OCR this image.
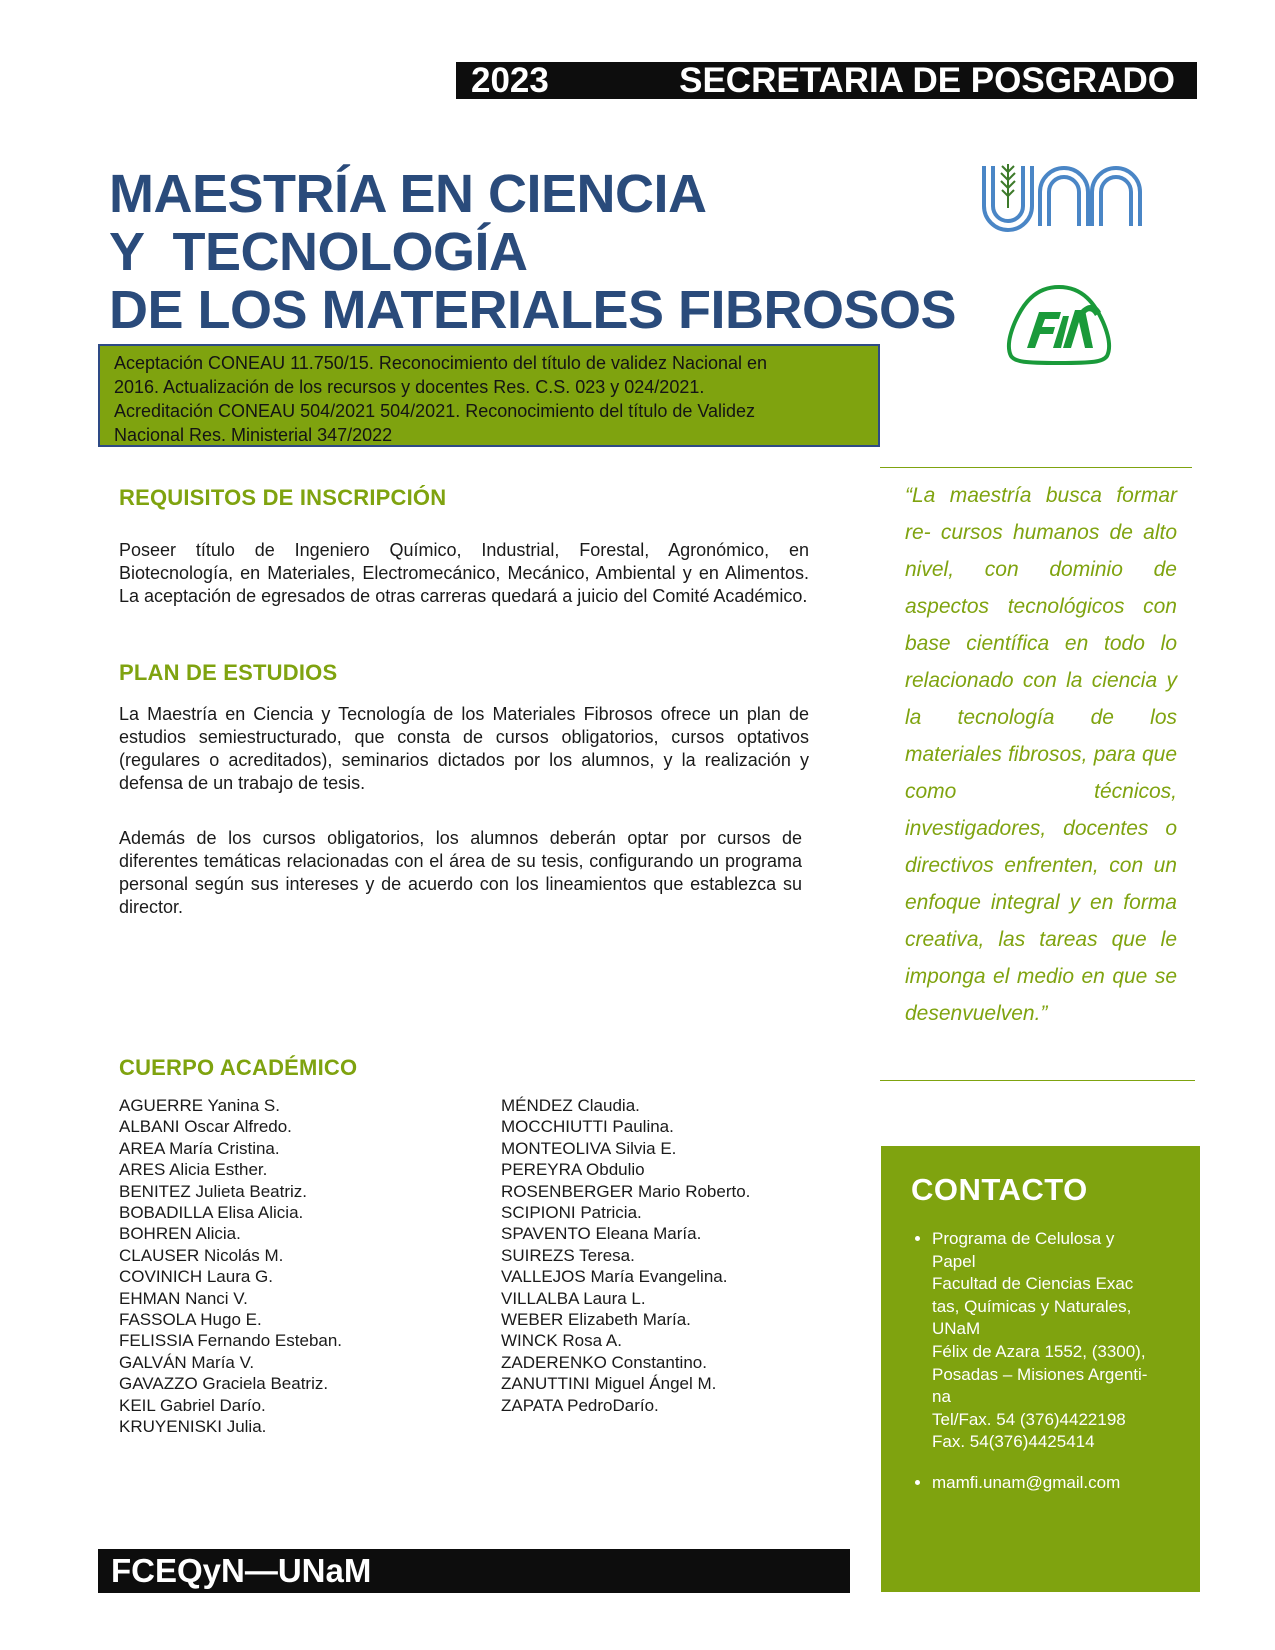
2023	SECRETARIA DE POSGRADO
MAESTRÍA EN CIENCIA
Y  TECNOLOGÍA
DE LOS MATERIALES FIBROSOS

Aceptación CONEAU 11.750/15. Reconocimiento del título de validez Nacional en

2016. Actualización de los recursos y docentes Res. C.S. 023 y 024/2021.

Acreditación CONEAU 504/2021 504/2021. Reconocimiento del título de Validez

Nacional Res. Ministerial 347/2022

REQUISITOS DE INSCRIPCIÓN

Poseer título de Ingeniero Químico, Industrial, Forestal, Agronómico, en Biotecnología, en Materiales, Electromecánico, Mecánico, Ambiental y en Alimentos. La aceptación de egresados de otras carreras quedará a juicio del Comité Académico.

PLAN DE ESTUDIOS

La Maestría en Ciencia y Tecnología de los Materiales Fibrosos ofrece un plan de estudios semiestructurado, que consta de cursos obligatorios, cursos optativos (regulares o acreditados), seminarios dictados por los alumnos, y la realización y defensa de un trabajo de tesis.

Además de los cursos obligatorios, los alumnos deberán optar por cursos de diferentes temáticas relacionadas con el área de su tesis, configurando un programa personal según sus intereses y de acuerdo con los lineamientos que establezca su director.

“La maestría busca formar re- cursos humanos de alto nivel, con dominio de aspectos tecnológicos con base científica en todo lo relacionado con la ciencia y la tecnología de los materiales fibrosos, para que como técnicos, investigadores, docentes o directivos enfrenten, con un enfoque integral y en forma creativa, las tareas que le imponga el medio en que se desenvuelven.”

CUERPO ACADÉMICO
AGUERRE Yanina S.
ALBANI Oscar Alfredo.
AREA María Cristina.
ARES Alicia Esther.
BENITEZ Julieta Beatriz.
BOBADILLA Elisa Alicia.
BOHREN Alicia.
CLAUSER Nicolás M.
COVINICH Laura G.
EHMAN Nanci V.
FASSOLA Hugo E.
FELISSIA Fernando Esteban.
GALVÁN María V.
GAVAZZO Graciela Beatriz.
KEIL Gabriel Darío.
KRUYENISKI Julia.
MÉNDEZ Claudia.
MOCCHIUTTI Paulina.
MONTEOLIVA Silvia E.
PEREYRA Obdulio
ROSENBERGER Mario Roberto.
SCIPIONI Patricia.
SPAVENTO Eleana María.
SUIREZS Teresa.
VALLEJOS María Evangelina.
VILLALBA Laura L.
WEBER Elizabeth María.
WINCK Rosa A.
ZADERENKO Constantino.
ZANUTTINI Miguel Ángel M.
ZAPATA PedroDarío.
CONTACTO
• Programa de Celulosa y
Papel
Facultad de Ciencias Exac
tas, Químicas y Naturales,
UNaM
Félix de Azara 1552, (3300),
Posadas – Misiones Argenti-
na
Tel/Fax. 54 (376)4422198
Fax. 54(376)4425414
• mamfi.unam@gmail.com
FCEQyN—UNaM
